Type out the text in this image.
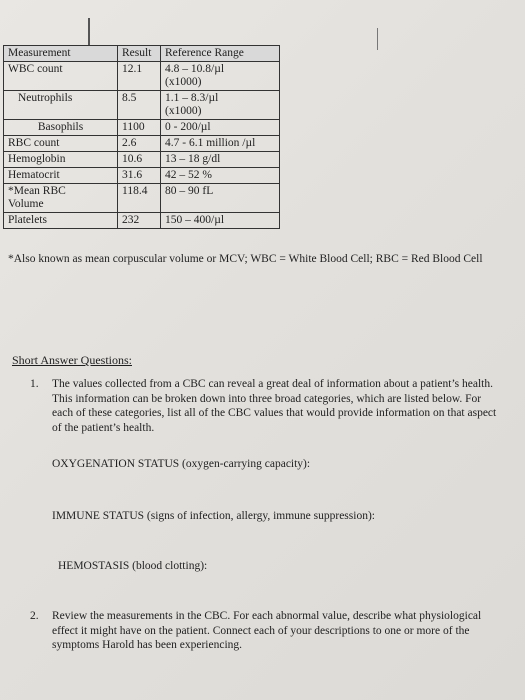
Measurement	Result	Reference Range
WBC count	12.1	4.8 – 10.8/µl
(x1000)
Neutrophils	8.5	1.1 – 8.3/µl
(x1000)
Basophils	1100	0 - 200/µl
RBC count	2.6	4.7 - 6.1 million /µl
Hemoglobin	10.6	13 – 18 g/dl
Hematocrit	31.6	42 – 52 %
*Mean RBC
Volume	118.4	80 – 90 fL
Platelets	232	150 – 400/µl
*Also known as mean corpuscular volume or MCV; WBC = White Blood Cell; RBC = Red Blood Cell
Short Answer Questions:
1. The values collected from a CBC can reveal a great deal of information about a patient’s health. This information can be broken down into three broad categories, which are listed below. For each of these categories, list all of the CBC values that would provide information on that aspect of the patient’s health.
OXYGENATION STATUS (oxygen-carrying capacity):
IMMUNE STATUS (signs of infection, allergy, immune suppression):
HEMOSTASIS (blood clotting):
2. Review the measurements in the CBC. For each abnormal value, describe what physiological effect it might have on the patient. Connect each of your descriptions to one or more of the symptoms Harold has been experiencing.
